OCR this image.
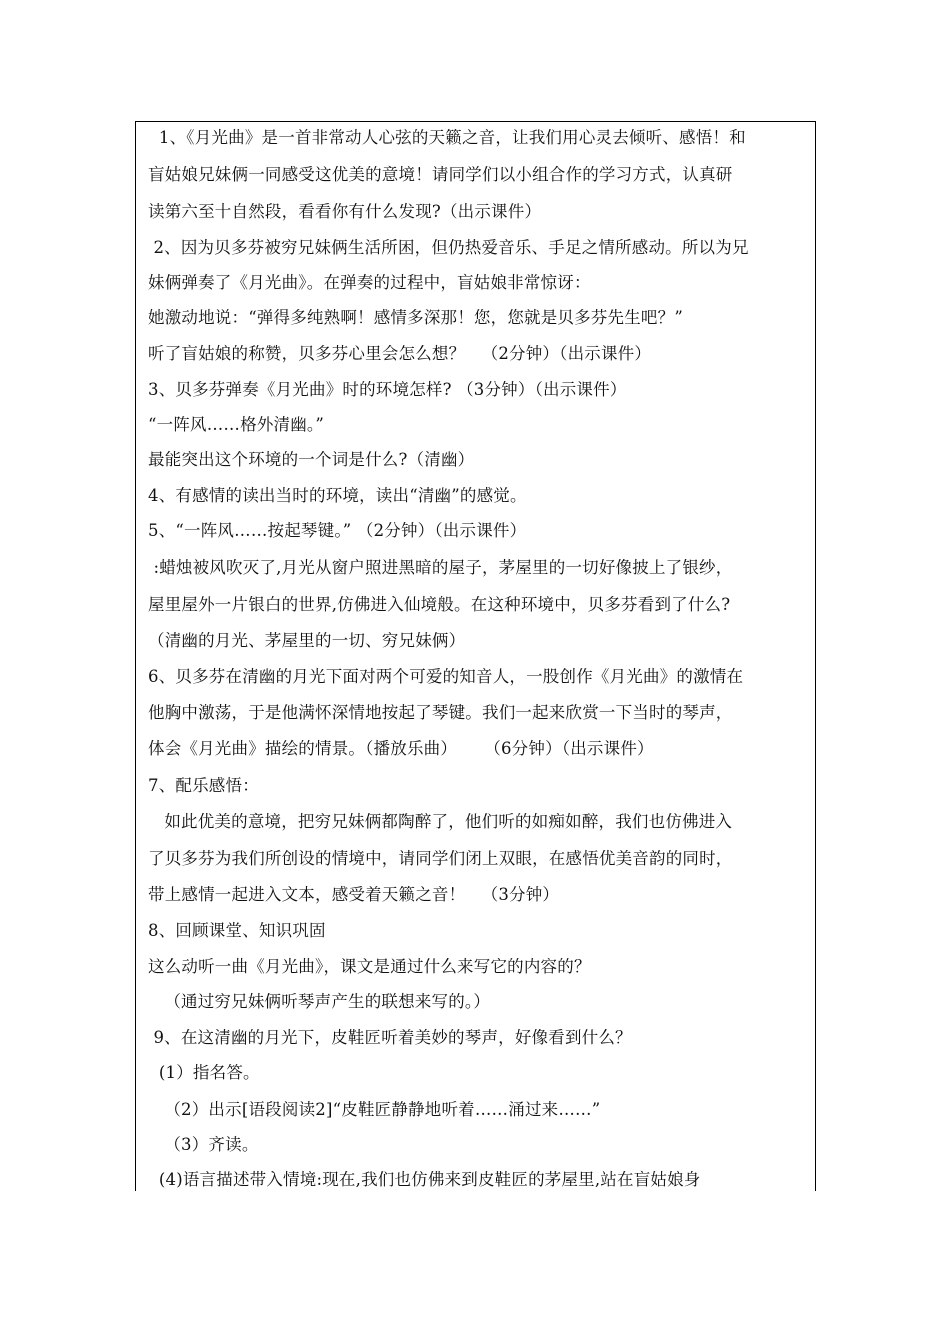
1、《月光曲》是一首非常动人心弦的天籁之音，让我们用心灵去倾听、感悟！和
盲姑娘兄妹俩一同感受这优美的意境！请同学们以小组合作的学习方式，认真研
读第六至十自然段，看看你有什么发现?（出示课件）
2、因为贝多芬被穷兄妹俩生活所困，但仍热爱音乐、手足之情所感动。所以为兄
妹俩弹奏了《月光曲》。在弹奏的过程中，盲姑娘非常惊讶：
她激动地说：“弹得多纯熟啊！感情多深那！您，您就是贝多芬先生吧？”
听了盲姑娘的称赞，贝多芬心里会怎么想？   （2分钟）（出示课件）
3、贝多芬弹奏《月光曲》时的环境怎样? （3分钟）（出示课件）
“一阵风……格外清幽。”
最能突出这个环境的一个词是什么?（清幽）
4、有感情的读出当时的环境，读出“清幽”的感觉。
5、“一阵风……按起琴键。” （2分钟）（出示课件）
:蜡烛被风吹灭了,月光从窗户照进黑暗的屋子，茅屋里的一切好像披上了银纱，
屋里屋外一片银白的世界,仿佛进入仙境般。在这种环境中，贝多芬看到了什么?
（清幽的月光、茅屋里的一切、穷兄妹俩）
6、贝多芬在清幽的月光下面对两个可爱的知音人，一股创作《月光曲》的激情在
他胸中激荡，于是他满怀深情地按起了琴键。我们一起来欣赏一下当时的琴声，
体会《月光曲》描绘的情景。（播放乐曲）     （6分钟）（出示课件）
7、配乐感悟：
如此优美的意境，把穷兄妹俩都陶醉了，他们听的如痴如醉，我们也仿佛进入
了贝多芬为我们所创设的情境中，请同学们闭上双眼，在感悟优美音韵的同时，
带上感情一起进入文本，感受着天籁之音！   （3分钟）
8、回顾课堂、知识巩固
这么动听一曲《月光曲》，课文是通过什么来写它的内容的？
（通过穷兄妹俩听琴声产生的联想来写的。）
9、在这清幽的月光下，皮鞋匠听着美妙的琴声，好像看到什么？
(1）指名答。
（2）出示[语段阅读2]“皮鞋匠静静地听着……涌过来……”
（3）齐读。
(4)语言描述带入情境:现在,我们也仿佛来到皮鞋匠的茅屋里,站在盲姑娘身
